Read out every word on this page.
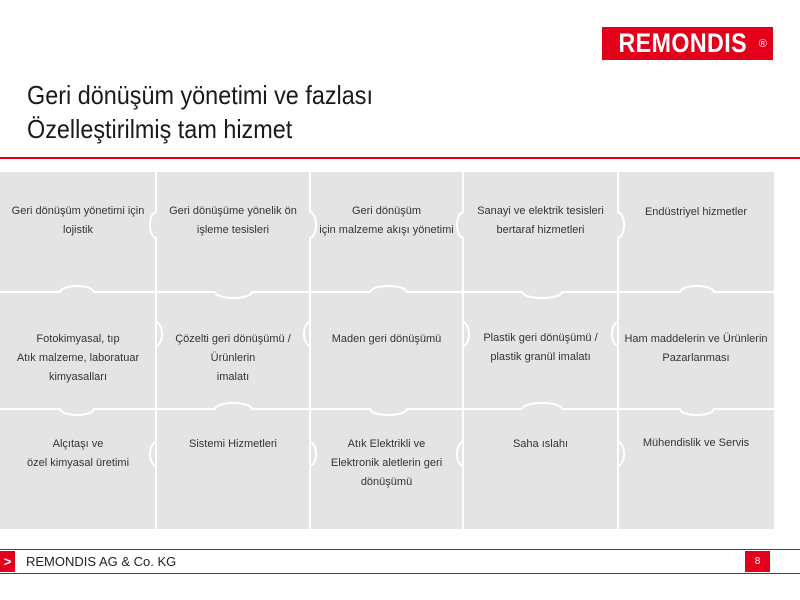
REMONDIS ®
Geri dönüşüm yönetimi ve fazlası
Özelleştirilmiş tam hizmet
Geri dönüşüm yönetimi için
lojistik
Geri dönüşüme yönelik ön
işleme tesisleri
Geri dönüşüm
için malzeme akışı yönetimi
Sanayi ve elektrik tesisleri
bertaraf hizmetleri
Endüstriyel hizmetler
Fotokimyasal, tıp
Atık malzeme, laboratuar
kimyasalları
Çözelti geri dönüşümü /
Ürünlerin
imalatı
Maden geri dönüşümü	Plastik geri dönüşümü /
plastik granül imalatı
Ham maddelerin ve Ürünlerin
Pazarlanması
Alçıtaşı ve
özel kimyasal üretimi
Sistemi Hizmetleri	Atık Elektrikli ve
Elektronik aletlerin geri
dönüşümü
Saha ıslahı	Mühendislik ve Servis
> REMONDIS AG & Co. KG	8
